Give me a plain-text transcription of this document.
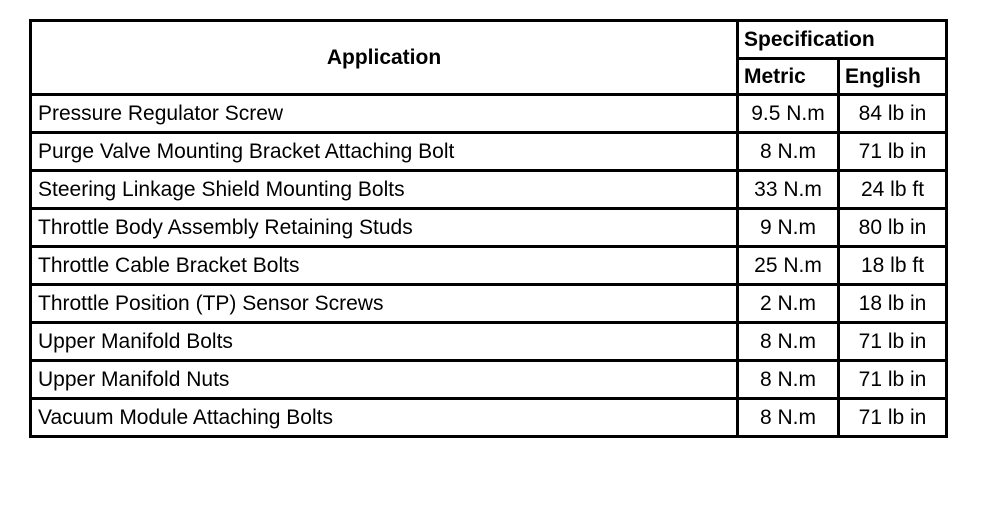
Application	Specification	
	Metric	English
Pressure Regulator Screw	9.5 N.m	84 lb in
Purge Valve Mounting Bracket Attaching Bolt	8 N.m	71 lb in
Steering Linkage Shield Mounting Bolts	33 N.m	24 lb ft
Throttle Body Assembly Retaining Studs	9 N.m	80 lb in
Throttle Cable Bracket Bolts	25 N.m	18 lb ft
Throttle Position (TP) Sensor Screws	2 N.m	18 lb in
Upper Manifold Bolts	8 N.m	71 lb in
Upper Manifold Nuts	8 N.m	71 lb in
Vacuum Module Attaching Bolts	8 N.m	71 lb in
